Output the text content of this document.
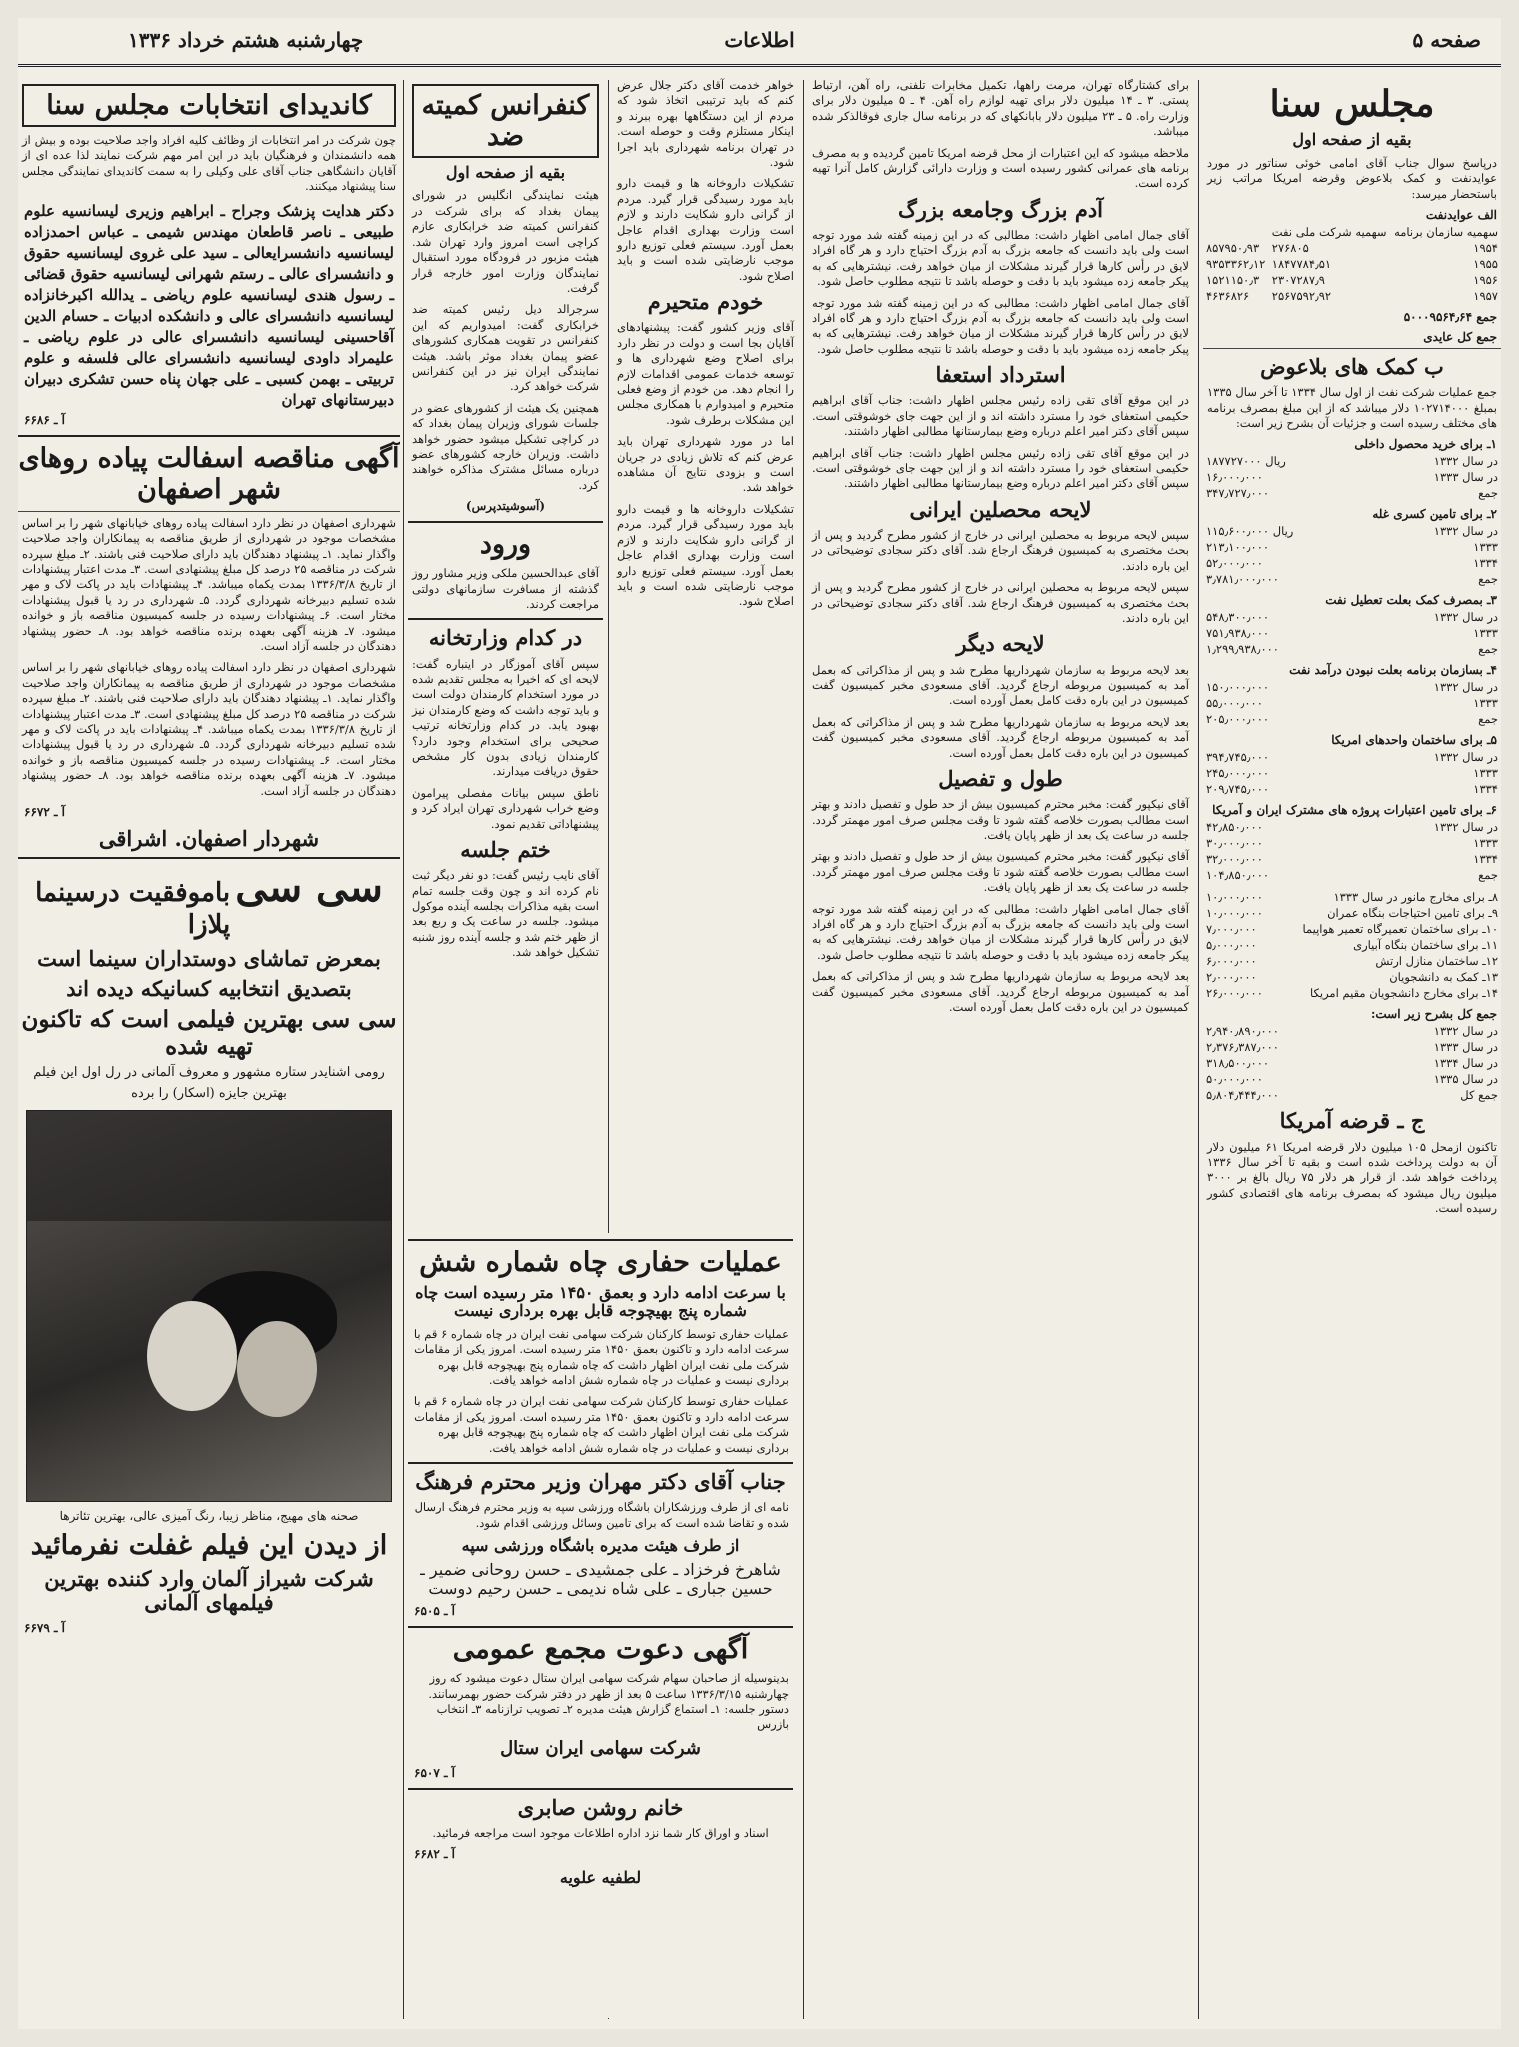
چهارشنبه هشتم خرداد ۱۳۳۶	اطلاعات	صفحه ۵
مجلس سنا
بقیه از صفحه اول

درپاسخ سوال جناب آقای امامی خوئی سناتور در مورد عوایدنفت و کمک بلاعوض وقرضه امریکا مراتب زیر باستحضار میرسد:

الف عوایدنفت
سهمیه سازمان برنامه	سهمیه شرکت ملی نفت	
۱۹۵۴	۲۷۶۸۰۵	۸۵۷۹۵۰٫۹۳
۱۹۵۵	۱۸۴۷۷۸۴٫۵۱	۹۳۵۳۳۶۲٫۱۲
۱۹۵۶	۲۳۰۷۲۸۷٫۹	۱۵۲۱۱۵۰٫۳
۱۹۵۷	۲۵۶۷۵۹۲٫۹۲	۴۶۳۶۸۲۶
جمع ۵۰۰۰۹۵۶۴٫۶۴
جمع کل عایدی
ب کمک های بلاعوض

جمع عملیات شرکت نفت از اول سال ۱۳۳۴ تا آخر سال ۱۳۳۵ بمبلغ ۱۰۲۷۱۴۰۰۰ دلار میباشد که از این مبلغ بمصرف برنامه های مختلف رسیده است و جزئیات آن بشرح زیر است:

۱ـ برای خرید محصول داخلی
در سال ۱۳۳۲	۱۸۷۷۲۷۰۰۰ ریال
در سال ۱۳۳۳	۱۶٫۰۰۰٫۰۰۰
جمع	۳۴۷٫۷۲۷٫۰۰۰
۲ـ برای تامین کسری غله
در سال ۱۳۳۲	۱۱۵٫۶۰۰٫۰۰۰ ریال
۱۳۳۳	۲۱۳٫۱۰۰٫۰۰۰
۱۳۳۴	۵۲٫۰۰۰٫۰۰۰
جمع	۳٫۷۸۱٫۰۰۰٫۰۰۰
۳ـ بمصرف کمک بعلت تعطیل نفت
در سال ۱۳۳۲	۵۴۸٫۳۰۰٫۰۰۰
۱۳۳۳	۷۵۱٫۹۳۸٫۰۰۰
جمع	۱٫۲۹۹٫۹۳۸٫۰۰۰
۴ـ بسازمان برنامه بعلت نبودن درآمد نفت
در سال ۱۳۳۲	۱۵۰٫۰۰۰٫۰۰۰
۱۳۳۳	۵۵٫۰۰۰٫۰۰۰
جمع	۲۰۵٫۰۰۰٫۰۰۰
۵ـ برای ساختمان واحدهای امریکا
در سال ۱۳۳۲	۳۹۴٫۷۴۵٫۰۰۰
۱۳۳۳	۲۴۵٫۰۰۰٫۰۰۰
۱۳۳۴	۲۰۹٫۷۴۵٫۰۰۰
۶ـ برای تامین اعتبارات پروژه های مشترک ایران و آمریکا
در سال ۱۳۳۲	۴۲٫۸۵۰٫۰۰۰
۱۳۳۳	۳۰٫۰۰۰٫۰۰۰
۱۳۳۴	۳۲٫۰۰۰٫۰۰۰
جمع	۱۰۴٫۸۵۰٫۰۰۰
۸ـ برای مخارج مانور در سال ۱۳۳۳	۱۰٫۰۰۰٫۰۰۰
۹ـ برای تامین احتیاجات بنگاه عمران	۱۰٫۰۰۰٫۰۰۰
۱۰ـ برای ساختمان تعمیرگاه تعمیر هواپیما	۷٫۰۰۰٫۰۰۰
۱۱ـ برای ساختمان بنگاه آبیاری	۵٫۰۰۰٫۰۰۰
۱۲ـ ساختمان منازل ارتش	۶٫۰۰۰٫۰۰۰
۱۳ـ کمک به دانشجویان	۲٫۰۰۰٫۰۰۰
۱۴ـ برای مخارج دانشجویان مقیم امریکا	۲۶٫۰۰۰٫۰۰۰
جمع کل بشرح زیر است:
در سال ۱۳۳۲	۲٫۹۴۰٫۸۹۰٫۰۰۰
در سال ۱۳۳۳	۲٫۳۷۶٫۳۸۷٫۰۰۰
در سال ۱۳۳۴	۳۱۸٫۵۰۰٫۰۰۰
در سال ۱۳۳۵	۵۰٫۰۰۰٫۰۰۰
جمع کل	۵٫۸۰۴٫۴۴۴٫۰۰۰
ج ـ قرضه آمریکا

تاکنون ازمحل ۱۰۵ میلیون دلار قرضه امریکا ۶۱ میلیون دلار آن به دولت پرداخت شده است و بقیه تا آخر سال ۱۳۳۶ پرداخت خواهد شد. از قرار هر دلار ۷۵ ریال بالغ بر ۳۰۰۰ میلیون ریال میشود که بمصرف برنامه های اقتصادی کشور رسیده است.

برای کشتارگاه تهران، مرمت راهها، تکمیل مخابرات تلفنی، راه آهن، ارتباط پستی. ۳ ـ ۱۴ میلیون دلار برای تهیه لوازم راه آهن. ۴ ـ ۵ میلیون دلار برای وزارت راه. ۵ ـ ۲۳ میلیون دلار بابانکهای که در برنامه سال جاری فوقالذکر شده میباشد.

ملاحظه میشود که این اعتبارات از محل قرضه امریکا تامین گردیده و به مصرف برنامه های عمرانی کشور رسیده است و وزارت دارائی گزارش کامل آنرا تهیه کرده است.

آدم بزرگ وجامعه بزرگ

آقای جمال امامی اظهار داشت: مطالبی که در این زمینه گفته شد مورد توجه است ولی باید دانست که جامعه بزرگ به آدم بزرگ احتیاج دارد و هر گاه افراد لایق در رأس کارها قرار گیرند مشکلات از میان خواهد رفت. نیشترهایی که به پیکر جامعه زده میشود باید با دقت و حوصله باشد تا نتیجه مطلوب حاصل شود.

آقای جمال امامی اظهار داشت: مطالبی که در این زمینه گفته شد مورد توجه است ولی باید دانست که جامعه بزرگ به آدم بزرگ احتیاج دارد و هر گاه افراد لایق در رأس کارها قرار گیرند مشکلات از میان خواهد رفت. نیشترهایی که به پیکر جامعه زده میشود باید با دقت و حوصله باشد تا نتیجه مطلوب حاصل شود.

استرداد استعفا

در این موقع آقای تقی زاده رئیس مجلس اظهار داشت: جناب آقای ابراهیم حکیمی استعفای خود را مسترد داشته اند و از این جهت جای خوشوقتی است. سپس آقای دکتر امیر اعلم درباره وضع بیمارستانها مطالبی اظهار داشتند.

در این موقع آقای تقی زاده رئیس مجلس اظهار داشت: جناب آقای ابراهیم حکیمی استعفای خود را مسترد داشته اند و از این جهت جای خوشوقتی است. سپس آقای دکتر امیر اعلم درباره وضع بیمارستانها مطالبی اظهار داشتند.

لایحه محصلین ایرانی

سپس لایحه مربوط به محصلین ایرانی در خارج از کشور مطرح گردید و پس از بحث مختصری به کمیسیون فرهنگ ارجاع شد. آقای دکتر سجادی توضیحاتی در این باره دادند.

سپس لایحه مربوط به محصلین ایرانی در خارج از کشور مطرح گردید و پس از بحث مختصری به کمیسیون فرهنگ ارجاع شد. آقای دکتر سجادی توضیحاتی در این باره دادند.

لایحه دیگر

بعد لایحه مربوط به سازمان شهرداریها مطرح شد و پس از مذاکراتی که بعمل آمد به کمیسیون مربوطه ارجاع گردید. آقای مسعودی مخبر کمیسیون گفت کمیسیون در این باره دقت کامل بعمل آورده است.

بعد لایحه مربوط به سازمان شهرداریها مطرح شد و پس از مذاکراتی که بعمل آمد به کمیسیون مربوطه ارجاع گردید. آقای مسعودی مخبر کمیسیون گفت کمیسیون در این باره دقت کامل بعمل آورده است.

طول و تفصیل

آقای نیکپور گفت: مخبر محترم کمیسیون بیش از حد طول و تفصیل دادند و بهتر است مطالب بصورت خلاصه گفته شود تا وقت مجلس صرف امور مهمتر گردد. جلسه در ساعت یک بعد از ظهر پایان یافت.

آقای نیکپور گفت: مخبر محترم کمیسیون بیش از حد طول و تفصیل دادند و بهتر است مطالب بصورت خلاصه گفته شود تا وقت مجلس صرف امور مهمتر گردد. جلسه در ساعت یک بعد از ظهر پایان یافت.

آقای جمال امامی اظهار داشت: مطالبی که در این زمینه گفته شد مورد توجه است ولی باید دانست که جامعه بزرگ به آدم بزرگ احتیاج دارد و هر گاه افراد لایق در رأس کارها قرار گیرند مشکلات از میان خواهد رفت. نیشترهایی که به پیکر جامعه زده میشود باید با دقت و حوصله باشد تا نتیجه مطلوب حاصل شود.

بعد لایحه مربوط به سازمان شهرداریها مطرح شد و پس از مذاکراتی که بعمل آمد به کمیسیون مربوطه ارجاع گردید. آقای مسعودی مخبر کمیسیون گفت کمیسیون در این باره دقت کامل بعمل آورده است.

خواهر خدمت آقای دکتر جلال عرض کنم که باید ترتیبی اتخاذ شود که مردم از این دستگاهها بهره ببرند و اینکار مستلزم وقت و حوصله است. در تهران برنامه شهرداری باید اجرا شود.

تشکیلات داروخانه ها و قیمت دارو باید مورد رسیدگی قرار گیرد. مردم از گرانی دارو شکایت دارند و لازم است وزارت بهداری اقدام عاجل بعمل آورد. سیستم فعلی توزیع دارو موجب نارضایتی شده است و باید اصلاح شود.

خودم متحیرم

آقای وزیر کشور گفت: پیشنهادهای آقایان بجا است و دولت در نظر دارد برای اصلاح وضع شهرداری ها و توسعه خدمات عمومی اقدامات لازم را انجام دهد. من خودم از وضع فعلی متحیرم و امیدوارم با همکاری مجلس این مشکلات برطرف شود.

اما در مورد شهرداری تهران باید عرض کنم که تلاش زیادی در جریان است و بزودی نتایج آن مشاهده خواهد شد.

تشکیلات داروخانه ها و قیمت دارو باید مورد رسیدگی قرار گیرد. مردم از گرانی دارو شکایت دارند و لازم است وزارت بهداری اقدام عاجل بعمل آورد. سیستم فعلی توزیع دارو موجب نارضایتی شده است و باید اصلاح شود.

کنفرانس کمیته ضد
بقیه از صفحه اول

هیئت نمایندگی انگلیس در شورای پیمان بغداد که برای شرکت در کنفرانس کمیته ضد خرابکاری عازم کراچی است امروز وارد تهران شد. هیئت مزبور در فرودگاه مورد استقبال نمایندگان وزارت امور خارجه قرار گرفت.

سرجرالد دیل رئیس کمیته ضد خرابکاری گفت: امیدواریم که این کنفرانس در تقویت همکاری کشورهای عضو پیمان بغداد موثر باشد. هیئت نمایندگی ایران نیز در این کنفرانس شرکت خواهد کرد.

همچنین یک هیئت از کشورهای عضو در جلسات شورای وزیران پیمان بغداد که در کراچی تشکیل میشود حضور خواهد داشت. وزیران خارجه کشورهای عضو درباره مسائل مشترک مذاکره خواهند کرد.

(آسوشیتدپرس)
ورود

آقای عبدالحسین ملکی وزیر مشاور روز گذشته از مسافرت سازمانهای دولتی مراجعت کردند.

در کدام وزارتخانه

سپس آقای آموزگار در اینباره گفت: لایحه ای که اخیرا به مجلس تقدیم شده در مورد استخدام کارمندان دولت است و باید توجه داشت که وضع کارمندان نیز بهبود یابد. در کدام وزارتخانه ترتیب صحیحی برای استخدام وجود دارد؟ کارمندان زیادی بدون کار مشخص حقوق دریافت میدارند.

ناطق سپس بیانات مفصلی پیرامون وضع خراب شهرداری تهران ایراد کرد و پیشنهاداتی تقدیم نمود.

ختم جلسه

آقای نایب رئیس گفت: دو نفر دیگر ثبت نام کرده اند و چون وقت جلسه تمام است بقیه مذاکرات بجلسه آینده موکول میشود. جلسه در ساعت یک و ربع بعد از ظهر ختم شد و جلسه آینده روز شنبه تشکیل خواهد شد.

عملیات حفاری چاه شماره شش
با سرعت ادامه دارد و بعمق ۱۴۵۰ متر رسیده است چاه شماره پنج بهیچوجه قابل بهره برداری نیست

عملیات حفاری توسط کارکنان شرکت سهامی نفت ایران در چاه شماره ۶ قم با سرعت ادامه دارد و تاکنون بعمق ۱۴۵۰ متر رسیده است. امروز یکی از مقامات شرکت ملی نفت ایران اظهار داشت که چاه شماره پنج بهیچوجه قابل بهره برداری نیست و عملیات در چاه شماره شش ادامه خواهد یافت.

عملیات حفاری توسط کارکنان شرکت سهامی نفت ایران در چاه شماره ۶ قم با سرعت ادامه دارد و تاکنون بعمق ۱۴۵۰ متر رسیده است. امروز یکی از مقامات شرکت ملی نفت ایران اظهار داشت که چاه شماره پنج بهیچوجه قابل بهره برداری نیست و عملیات در چاه شماره شش ادامه خواهد یافت.

جناب آقای دکتر مهران وزیر محترم فرهنگ

نامه ای از طرف ورزشکاران باشگاه ورزشی سپه به وزیر محترم فرهنگ ارسال شده و تقاضا شده است که برای تامین وسائل ورزشی اقدام شود.

از طرف هیئت مدیره باشگاه ورزشی سپه
شاهرخ فرخزاد ـ علی جمشیدی ـ حسن روحانی ضمیر ـ حسین جباری ـ علی شاه ندیمی ـ حسن رحیم دوست
آ ـ ۶۵۰۵
آگهی دعوت مجمع عمومی

بدینوسیله از صاحبان سهام شرکت سهامی ایران ستال دعوت میشود که روز چهارشنبه ۱۳۳۶/۳/۱۵ ساعت ۵ بعد از ظهر در دفتر شرکت حضور بهمرسانند. دستور جلسه: ۱ـ استماع گزارش هیئت مدیره ۲ـ تصویب ترازنامه ۳ـ انتخاب بازرس

شرکت سهامی ایران ستال
آ ـ ۶۵۰۷
خانم روشن صابری

اسناد و اوراق کار شما نزد اداره اطلاعات موجود است مراجعه فرمائید.

آ ـ ۶۶۸۲
لطفیه علویه
کاندیدای انتخابات مجلس سنا

چون شرکت در امر انتخابات از وظائف کلیه افراد واجد صلاحیت بوده و بیش از همه دانشمندان و فرهنگیان باید در این امر مهم شرکت نمایند لذا عده ای از آقایان دانشگاهی جناب آقای علی وکیلی را به سمت کاندیدای نمایندگی مجلس سنا پیشنهاد میکنند.

دکتر هدایت پزشک وجراح ـ ابراهیم وزیری لیسانسیه علوم طبیعی ـ ناصر قاطعان مهندس شیمی ـ عباس احمدزاده لیسانسیه دانشسرایعالی ـ سید علی غروی لیسانسیه حقوق و دانشسرای عالی ـ رستم شهرانی لیسانسیه حقوق قضائی ـ رسول هندی لیسانسیه علوم ریاضی ـ یدالله اکبرخانزاده لیسانسیه دانشسرای عالی و دانشکده ادبیات ـ حسام الدین آقاحسینی لیسانسیه دانشسرای عالی در علوم ریاضی ـ علیمراد داودی لیسانسیه دانشسرای عالی فلسفه و علوم تربیتی ـ بهمن کسبی ـ علی جهان پناه حسن تشکری دبیران دبیرستانهای تهران
آ ـ ۶۶۸۶
آگهی مناقصه اسفالت پیاده روهای شهر اصفهان

شهرداری اصفهان در نظر دارد اسفالت پیاده روهای خیابانهای شهر را بر اساس مشخصات موجود در شهرداری از طریق مناقصه به پیمانکاران واجد صلاحیت واگذار نماید. ۱ـ پیشنهاد دهندگان باید دارای صلاحیت فنی باشند. ۲ـ مبلغ سپرده شرکت در مناقصه ۲۵ درصد کل مبلغ پیشنهادی است. ۳ـ مدت اعتبار پیشنهادات از تاریخ ۱۳۳۶/۳/۸ بمدت یکماه میباشد. ۴ـ پیشنهادات باید در پاکت لاک و مهر شده تسلیم دبیرخانه شهرداری گردد. ۵ـ شهرداری در رد یا قبول پیشنهادات مختار است. ۶ـ پیشنهادات رسیده در جلسه کمیسیون مناقصه باز و خوانده میشود. ۷ـ هزینه آگهی بعهده برنده مناقصه خواهد بود. ۸ـ حضور پیشنهاد دهندگان در جلسه آزاد است.

شهرداری اصفهان در نظر دارد اسفالت پیاده روهای خیابانهای شهر را بر اساس مشخصات موجود در شهرداری از طریق مناقصه به پیمانکاران واجد صلاحیت واگذار نماید. ۱ـ پیشنهاد دهندگان باید دارای صلاحیت فنی باشند. ۲ـ مبلغ سپرده شرکت در مناقصه ۲۵ درصد کل مبلغ پیشنهادی است. ۳ـ مدت اعتبار پیشنهادات از تاریخ ۱۳۳۶/۳/۸ بمدت یکماه میباشد. ۴ـ پیشنهادات باید در پاکت لاک و مهر شده تسلیم دبیرخانه شهرداری گردد. ۵ـ شهرداری در رد یا قبول پیشنهادات مختار است. ۶ـ پیشنهادات رسیده در جلسه کمیسیون مناقصه باز و خوانده میشود. ۷ـ هزینه آگهی بعهده برنده مناقصه خواهد بود. ۸ـ حضور پیشنهاد دهندگان در جلسه آزاد است.

آ ـ ۶۶۷۲
شهردار اصفهان. اشراقی
سی سی باموفقیت درسینما پلازا
بمعرض تماشای دوستداران سینما است
بتصدیق انتخابیه کسانیکه دیده اند
سی سی بهترین فیلمی است که تاکنون تهیه شده
رومی اشنایدر ستاره مشهور و معروف آلمانی در رل اول این فیلم
بهترین جایزه (اسکار) را برده
صحنه های مهیج، مناظر زیبا، رنگ آمیزی عالی، بهترین تئاترها
از دیدن این فیلم غفلت نفرمائید
شرکت شیراز آلمان وارد کننده بهترین فیلمهای آلمانی
آ ـ ۶۶۷۹
